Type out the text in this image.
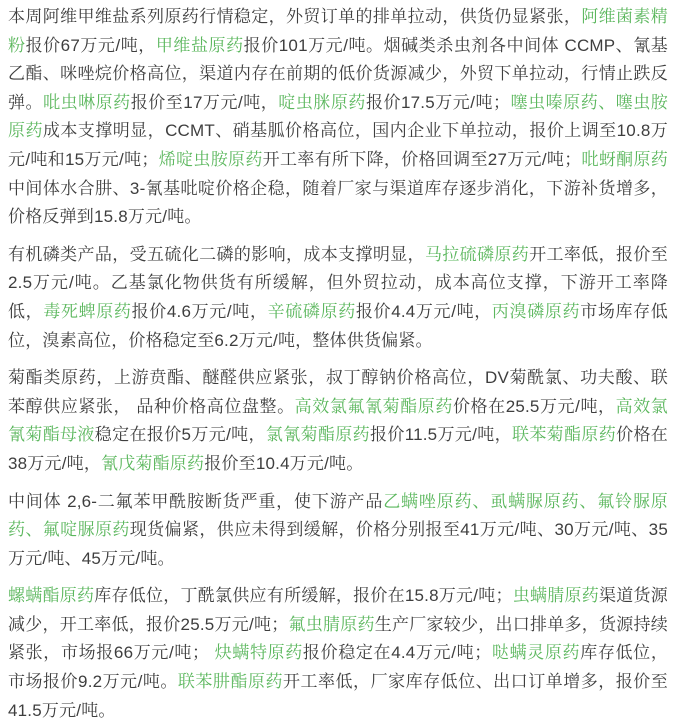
本周阿维甲维盐系列原药行情稳定，外贸订单的排单拉动，供货仍显紧张，阿维菌素精粉报价67万元/吨，甲维盐原药报价101万元/吨。烟碱类杀虫剂各中间体 CCMP、氰基乙酯、咪唑烷价格高位，渠道内存在前期的低价货源减少，外贸下单拉动，行情止跌反弹。吡虫啉原药报价至17万元/吨，啶虫脒原药报价17.5万元/吨；噻虫嗪原药、噻虫胺原药成本支撑明显，CCMT、硝基胍价格高位，国内企业下单拉动，报价上调至10.8万元/吨和15万元/吨；烯啶虫胺原药开工率有所下降，价格回调至27万元/吨；吡蚜酮原药中间体水合肼、3-氰基吡啶价格企稳，随着厂家与渠道库存逐步消化，下游补货增多，价格反弹到15.8万元/吨。

有机磷类产品，受五硫化二磷的影响，成本支撑明显，马拉硫磷原药开工率低，报价至2.5万元/吨。乙基氯化物供货有所缓解，但外贸拉动，成本高位支撑，下游开工率降低，毒死蜱原药报价4.6万元/吨，辛硫磷原药报价4.4万元/吨，丙溴磷原药市场库存低位，溴素高位，价格稳定至6.2万元/吨，整体供货偏紧。

菊酯类原药，上游贲酯、醚醛供应紧张，叔丁醇钠价格高位，DV菊酰氯、功夫酸、联苯醇供应紧张， 品种价格高位盘整。高效氯氟氰菊酯原药价格在25.5万元/吨，高效氯氰菊酯母液稳定在报价5万元/吨，氯氰菊酯原药报价11.5万元/吨，联苯菊酯原药价格在38万元/吨，氰戊菊酯原药报价至10.4万元/吨。

中间体 2,6-二氟苯甲酰胺断货严重，使下游产品乙螨唑原药、虱螨脲原药、氟铃脲原药、氟啶脲原药现货偏紧，供应未得到缓解，价格分别报至41万元/吨、30万元/吨、35万元/吨、45万元/吨。

螺螨酯原药库存低位，丁酰氯供应有所缓解，报价在15.8万元/吨；虫螨腈原药渠道货源减少，开工率低，报价25.5万元/吨；氟虫腈原药生产厂家较少，出口排单多，货源持续紧张，市场报66万元/吨； 炔螨特原药报价稳定在4.4万元/吨；哒螨灵原药库存低位，市场报价9.2万元/吨。联苯肼酯原药开工率低，厂家库存低位、出口订单增多，报价至41.5万元/吨。
